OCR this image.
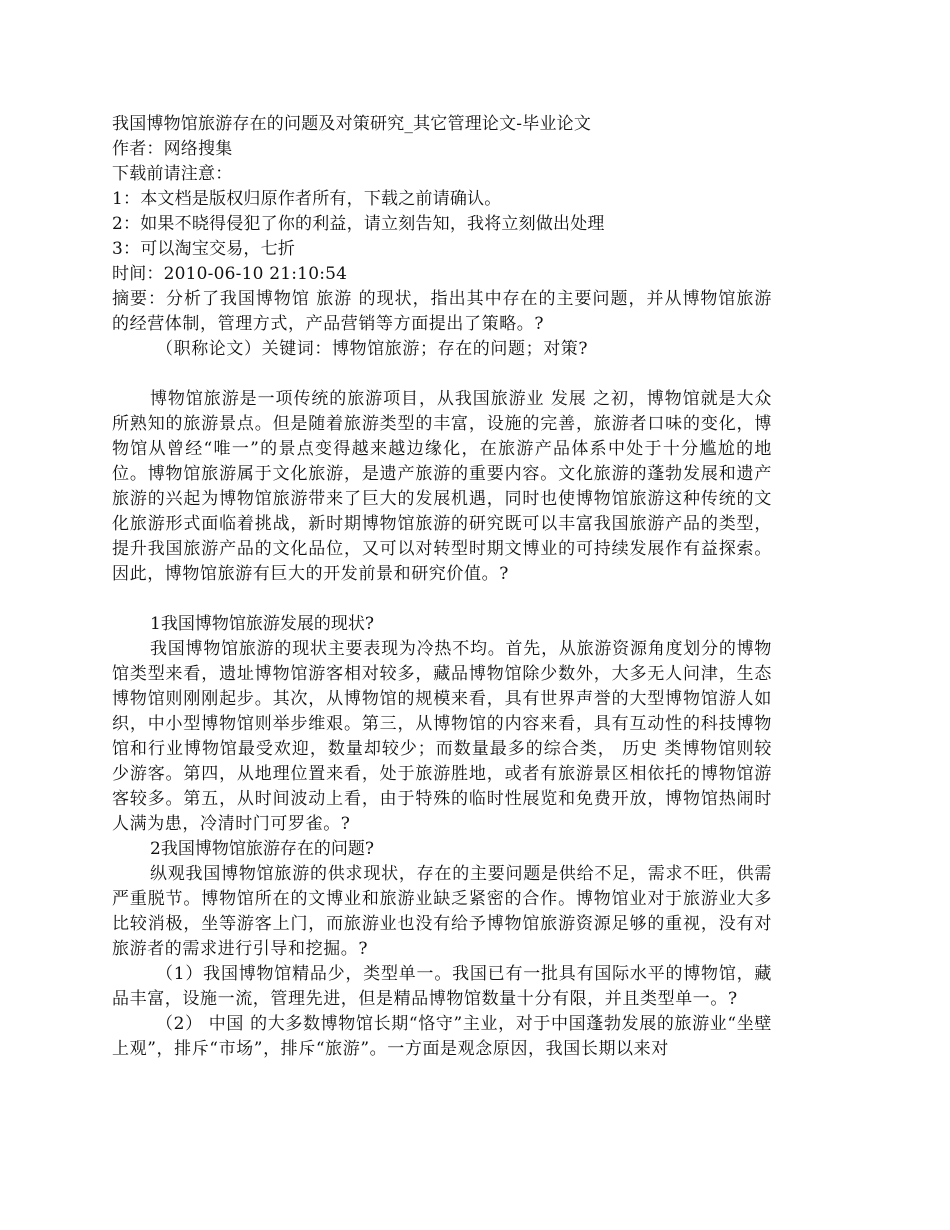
我国博物馆旅游存在的问题及对策研究_其它管理论文-毕业论文
作者：网络搜集
下载前请注意：
1：本文档是版权归原作者所有，下载之前请确认。
2：如果不晓得侵犯了你的利益，请立刻告知，我将立刻做出处理
3：可以淘宝交易，七折
时间：2010-06-10 21:10:54

摘要：分析了我国博物馆 旅游 的现状，指出其中存在的主要问题，并从博物馆旅游的经营体制，管理方式，产品营销等方面提出了策略。?

（职称论文）关键词：博物馆旅游；存在的问题；对策?

博物馆旅游是一项传统的旅游项目，从我国旅游业 发展 之初，博物馆就是大众所熟知的旅游景点。但是随着旅游类型的丰富，设施的完善，旅游者口味的变化，博物馆从曾经“唯一”的景点变得越来越边缘化，在旅游产品体系中处于十分尴尬的地位。博物馆旅游属于文化旅游，是遗产旅游的重要内容。文化旅游的蓬勃发展和遗产旅游的兴起为博物馆旅游带来了巨大的发展机遇，同时也使博物馆旅游这种传统的文化旅游形式面临着挑战，新时期博物馆旅游的研究既可以丰富我国旅游产品的类型，提升我国旅游产品的文化品位，又可以对转型时期文博业的可持续发展作有益探索。因此，博物馆旅游有巨大的开发前景和研究价值。?

1我国博物馆旅游发展的现状?

我国博物馆旅游的现状主要表现为冷热不均。首先，从旅游资源角度划分的博物馆类型来看，遗址博物馆游客相对较多，藏品博物馆除少数外，大多无人问津，生态博物馆则刚刚起步。其次，从博物馆的规模来看，具有世界声誉的大型博物馆游人如织，中小型博物馆则举步维艰。第三，从博物馆的内容来看，具有互动性的科技博物馆和行业博物馆最受欢迎，数量却较少；而数量最多的综合类， 历史 类博物馆则较少游客。第四，从地理位置来看，处于旅游胜地，或者有旅游景区相依托的博物馆游客较多。第五，从时间波动上看，由于特殊的临时性展览和免费开放，博物馆热闹时人满为患，冷清时门可罗雀。?

2我国博物馆旅游存在的问题?

纵观我国博物馆旅游的供求现状，存在的主要问题是供给不足，需求不旺，供需严重脱节。博物馆所在的文博业和旅游业缺乏紧密的合作。博物馆业对于旅游业大多比较消极，坐等游客上门，而旅游业也没有给予博物馆旅游资源足够的重视，没有对旅游者的需求进行引导和挖掘。?

（1）我国博物馆精品少，类型单一。我国已有一批具有国际水平的博物馆，藏品丰富，设施一流，管理先进，但是精品博物馆数量十分有限，并且类型单一。?

（2） 中国 的大多数博物馆长期“恪守”主业，对于中国蓬勃发展的旅游业“坐壁上观”，排斥“市场”，排斥“旅游”。一方面是观念原因，我国长期以来对
